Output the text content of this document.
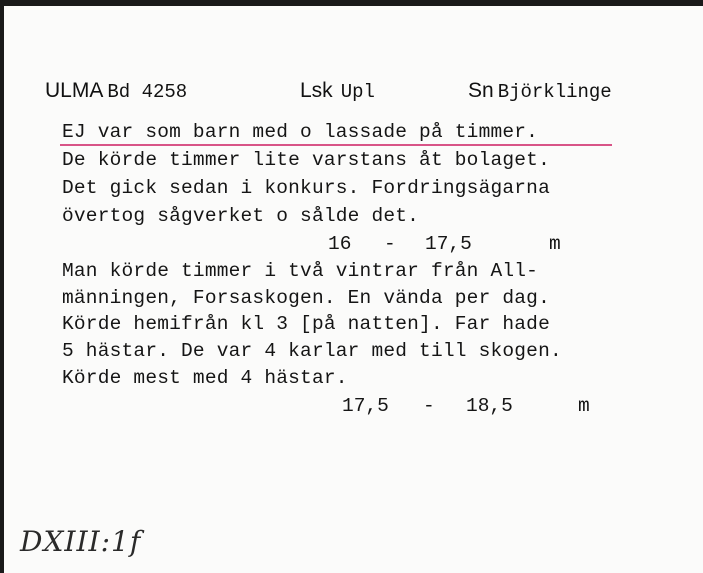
ULMA Bd 4258	Lsk Upl	Sn Björklinge
EJ var som barn med o lassade på timmer.
De körde timmer lite varstans åt bolaget.
Det gick sedan i konkurs. Fordringsägarna
övertog sågverket o sålde det.
16 - 17,5	m
Man körde timmer i två vintrar från All-
männingen, Forsaskogen. En vända per dag.
Körde hemifrån kl 3 [på natten]. Far hade
5 hästar. De var 4 karlar med till skogen.
Körde mest med 4 hästar.
17,5 - 18,5	m
DXIII:1f
